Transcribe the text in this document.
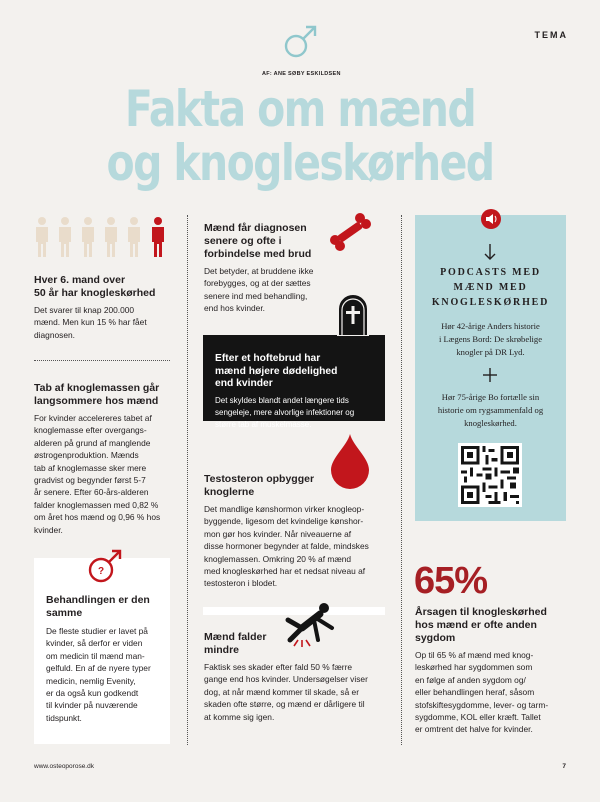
TEMA
AF: ANE SØBY ESKILDSEN
Fakta om mænd
og knogleskørhed
Hver 6. mand over
50 år har knogleskørhed

Det svarer til knap 200.000
mænd. Men kun 15 % har fået
diagnosen.

Tab af knoglemassen går
langsommere hos mænd

For kvinder accelereres tabet af
knoglemasse efter overgangs-
alderen på grund af manglende
østrogenproduktion. Mænds
tab af knoglemasse sker mere
gradvist og begynder først 5-7
år senere. Efter 60-års-alderen
falder knoglemassen med 0,82 %
om året hos mænd og 0,96 % hos
kvinder.

?
Behandlingen er den
samme

De fleste studier er lavet på
kvinder, så derfor er viden
om medicin til mænd man-
gelfuld. En af de nyere typer
medicin, nemlig Evenity,
er da også kun godkendt
til kvinder på nuværende
tidspunkt.

Mænd får diagnosen
senere og ofte i
forbindelse med brud

Det betyder, at bruddene ikke
forebygges, og at der sættes
senere ind med behandling,
end hos kvinder.

Efter et hoftebrud har
mænd højere dødelighed
end kvinder

Det skyldes blandt andet længere tids
sengeleje, mere alvorlige infektioner og
større tab af muskelmasse.

Testosteron opbygger
knoglerne

Det mandlige kønshormon virker knogleop-
byggende, ligesom det kvindelige kønshor-
mon gør hos kvinder. Når niveauerne af
disse hormoner begynder at falde, mindskes
knoglemassen. Omkring 20 % af mænd
med knogleskørhed har et nedsat niveau af
testosteron i blodet.

Mænd falder
mindre

Faktisk ses skader efter fald 50 % færre
gange end hos kvinder. Undersøgelser viser
dog, at når mænd kommer til skade, så er
skaden ofte større, og mænd er dårligere til
at komme sig igen.

PODCASTS MED
MÆND MED
KNOGLESKØRHED
Hør 42-årige Anders historie
i Lægens Bord: De skrøbelige
knogler på DR Lyd.
Hør 75-årige Bo fortælle sin
historie om rygsammenfald og
knogleskørhed.
65%
Årsagen til knogleskørhed
hos mænd er ofte anden
sygdom

Op til 65 % af mænd med knog-
leskørhed har sygdommen som
en følge af anden sygdom og/
eller behandlingen heraf, såsom
stofskiftesygdomme, lever- og tarm-
sygdomme, KOL eller kræft. Tallet
er omtrent det halve for kvinder.

www.osteoporose.dk	7
